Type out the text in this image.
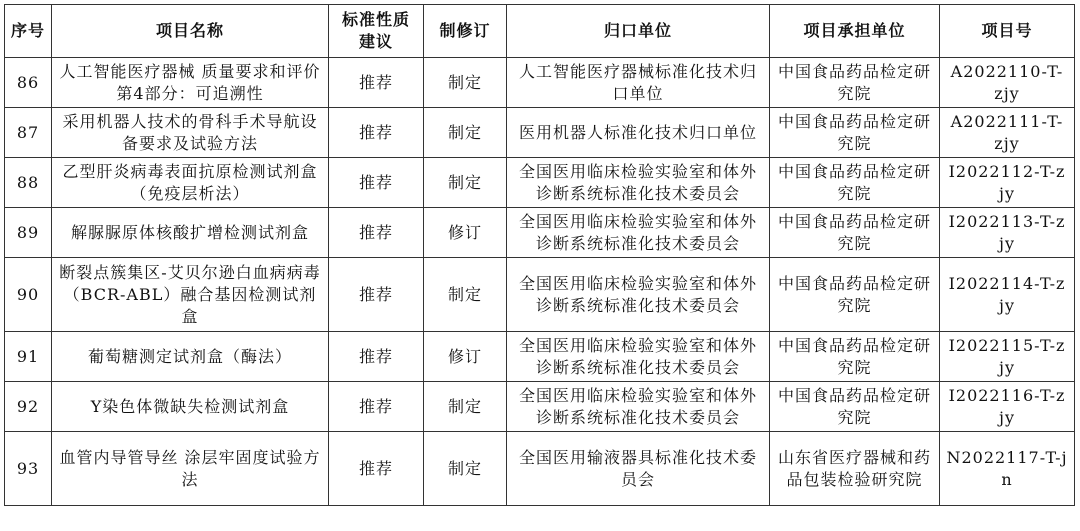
序号	项目名称	标准性质建议	制修订	归口单位	项目承担单位	项目号
86	人工智能医疗器械 质量要求和评价 第4部分：可追溯性	推荐	制定	人工智能医疗器械标准化技术归口单位	中国食品药品检定研究院	A2022110-T-zjy
87	采用机器人技术的骨科手术导航设备要求及试验方法	推荐	制定	医用机器人标准化技术归口单位	中国食品药品检定研究院	A2022111-T-zjy
88	乙型肝炎病毒表面抗原检测试剂盒（免疫层析法）	推荐	制定	全国医用临床检验实验室和体外诊断系统标准化技术委员会	中国食品药品检定研究院	I2022112-T-zjy
89	解脲脲原体核酸扩增检测试剂盒	推荐	修订	全国医用临床检验实验室和体外诊断系统标准化技术委员会	中国食品药品检定研究院	I2022113-T-zjy
90	断裂点簇集区-艾贝尔逊白血病病毒（BCR-ABL）融合基因检测试剂盒	推荐	制定	全国医用临床检验实验室和体外诊断系统标准化技术委员会	中国食品药品检定研究院	I2022114-T-zjy
91	葡萄糖测定试剂盒（酶法）	推荐	修订	全国医用临床检验实验室和体外诊断系统标准化技术委员会	中国食品药品检定研究院	I2022115-T-zjy
92	Y染色体微缺失检测试剂盒	推荐	制定	全国医用临床检验实验室和体外诊断系统标准化技术委员会	中国食品药品检定研究院	I2022116-T-zjy
93	血管内导管导丝 涂层牢固度试验方法	推荐	制定	全国医用输液器具标准化技术委员会	山东省医疗器械和药品包装检验研究院	N2022117-T-jn
